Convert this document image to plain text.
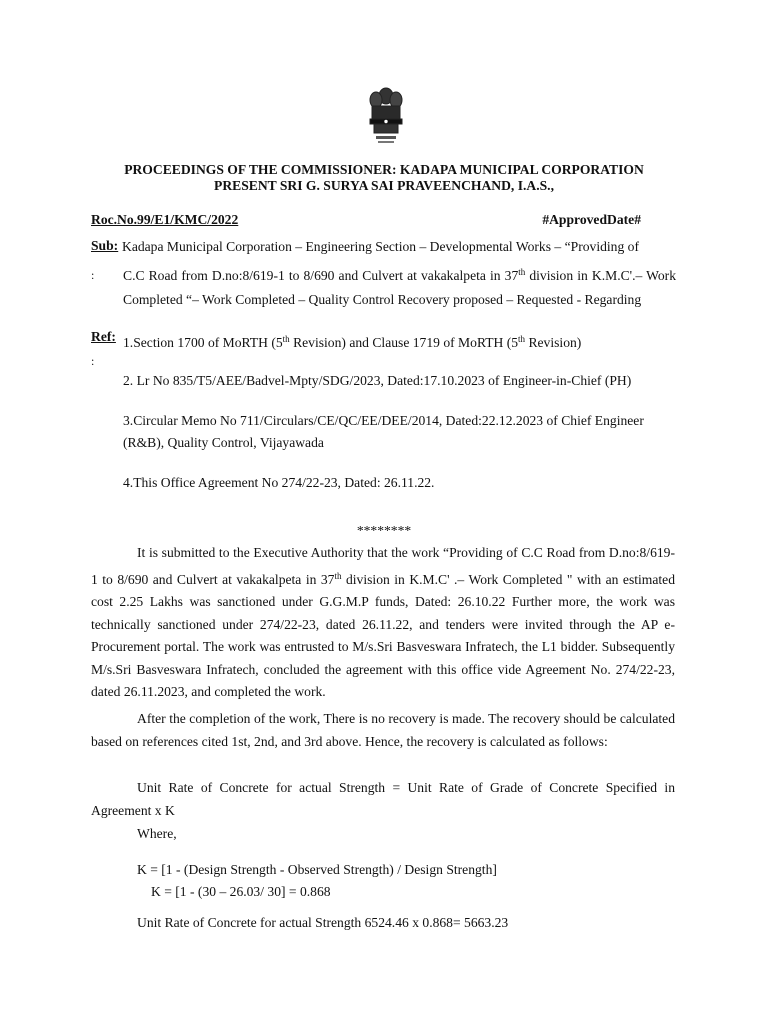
PROCEEDINGS OF THE COMMISSIONER: KADAPA MUNICIPAL CORPORATION
PRESENT SRI G. SURYA SAI PRAVEENCHAND, I.A.S.,
Roc.No.99/E1/KMC/2022	#ApprovedDate#
Sub:
:
Kadapa Municipal Corporation – Engineering Section – Developmental Works – “Providing of
C.C Road from D.no:8/619-1 to 8/690 and Culvert at vakakalpeta in 37th division in K.M.C'.– Work Completed “– Work Completed – Quality Control Recovery proposed – Requested - Regarding
Ref:
:
1.Section 1700 of MoRTH (5th Revision) and Clause 1719 of MoRTH (5th Revision)
2. Lr No 835/T5/AEE/Badvel-Mpty/SDG/2023, Dated:17.10.2023 of Engineer-in-Chief (PH)
3.Circular Memo No 711/Circulars/CE/QC/EE/DEE/2014, Dated:22.12.2023 of Chief Engineer (R&B), Quality Control, Vijayawada
4.This Office Agreement No 274/22-23, Dated: 26.11.22.
********
It is submitted to the Executive Authority that the work “Providing of C.C Road from D.no:8/619-1 to 8/690 and Culvert at vakakalpeta in 37th division in K.M.C' .– Work Completed " with an estimated cost 2.25 Lakhs was sanctioned under G.G.M.P funds, Dated: 26.10.22 Further more, the work was technically sanctioned under 274/22-23, dated 26.11.22, and tenders were invited through the AP e-Procurement portal. The work was entrusted to M/s.Sri Basveswara Infratech, the L1 bidder. Subsequently M/s.Sri Basveswara Infratech, concluded the agreement with this office vide Agreement No. 274/22-23, dated 26.11.2023, and completed the work.
After the completion of the work, There is no recovery is made. The recovery should be calculated based on references cited 1st, 2nd, and 3rd above. Hence, the recovery is calculated as follows:
Unit Rate of Concrete for actual Strength = Unit Rate of Grade of Concrete Specified in Agreement x K
Where,
K = [1 - (Design Strength - Observed Strength) / Design Strength]
K = [1 - (30 – 26.03/ 30] = 0.868
Unit Rate of Concrete for actual Strength 6524.46 x 0.868= 5663.23
